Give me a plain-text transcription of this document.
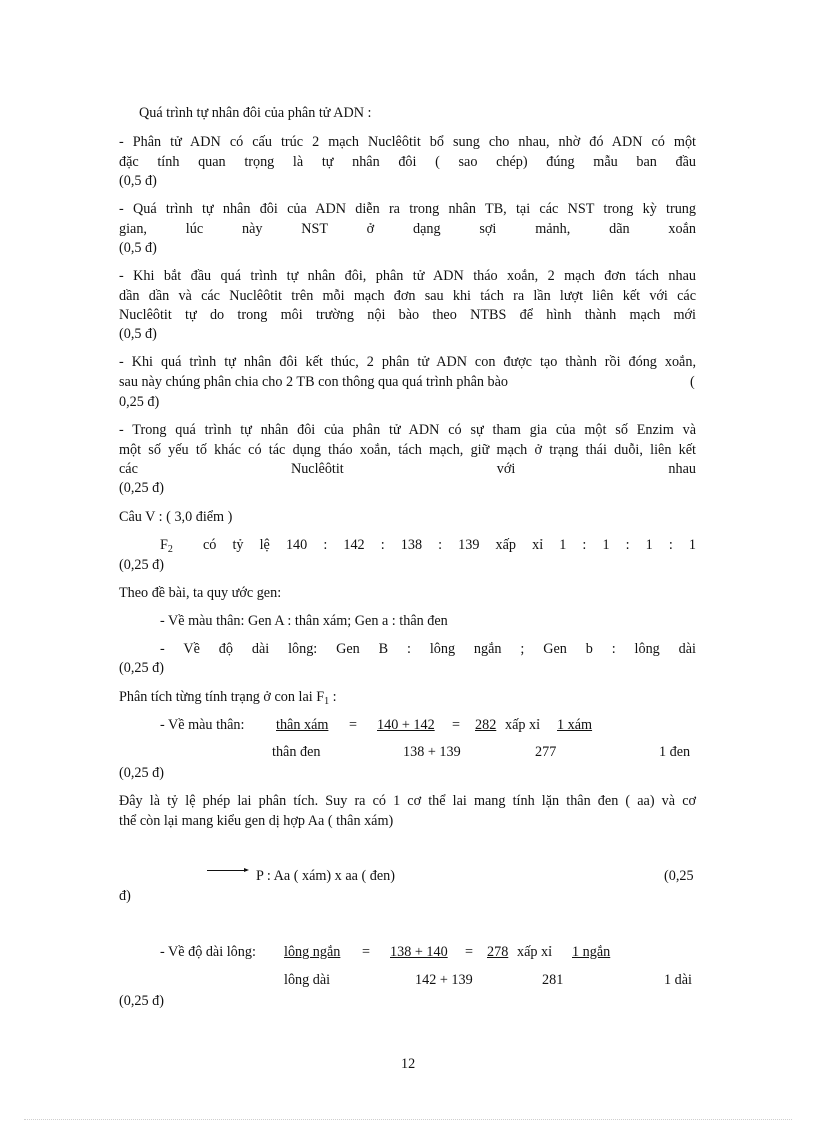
Quá trình tự nhân đôi của phân tử ADN :
- Phân tử ADN có cấu trúc 2 mạch Nuclêôtit bổ sung cho nhau, nhờ đó ADN có một
đặc tính quan trọng là tự nhân đôi ( sao chép) đúng mẫu ban đầu
(0,5 đ)
- Quá trình tự nhân đôi của ADN diễn ra trong nhân TB, tại các NST trong kỳ trung
gian, lúc này NST ở dạng sợi mảnh, dãn xoắn
(0,5 đ)
- Khi bắt đầu quá trình tự nhân đôi, phân tử ADN tháo xoắn, 2 mạch đơn tách nhau
dần dần và các Nuclêôtit trên mỗi mạch đơn sau khi tách ra lần lượt liên kết với các
Nuclêôtit tự do trong môi trường nội bào theo NTBS để hình thành mạch mới
(0,5 đ)
- Khi quá trình tự nhân đôi kết thúc, 2 phân tử ADN con được tạo thành rồi đóng xoắn,
sau này chúng phân chia cho 2 TB con thông qua quá trình phân bào	(
0,25 đ)
- Trong quá trình tự nhân đôi của phân tử ADN có sự tham gia của một số Enzim và
một số yếu tố khác có tác dụng tháo xoắn, tách mạch, giữ mạch ở trạng thái duỗi, liên kết
các Nuclêôtit với nhau
(0,25 đ)
Câu V : ( 3,0 điểm )
$F_2$ có tỷ lệ 140 : 142 : 138 : 139 xấp xỉ 1 : 1 : 1 : 1
(0,25 đ)
Theo đề bài, ta quy ước gen:
- Về màu thân: Gen A : thân xám; Gen a : thân đen
- Về độ dài lông: Gen B : lông ngắn ; Gen b : lông dài
(0,25 đ)
Phân tích từng tính trạng ở con lai $F_1$ :
- Về màu thân: thân xám = 140 + 142 = 282 xấp xỉ 1 xám
thân đen	138 + 139	277	1 đen
(0,25 đ)
Đây là tỷ lệ phép lai phân tích. Suy ra có 1 cơ thể lai mang tính lặn thân đen ( aa) và cơ
thể còn lại mang kiểu gen dị hợp Aa ( thân xám)
P : Aa ( xám) x aa ( đen)	(0,25
đ)
- Về độ dài lông: lông ngắn = 138 + 140 = 278 xấp xỉ 1 ngắn
lông dài	142 + 139	281	1 dài
(0,25 đ)
12
